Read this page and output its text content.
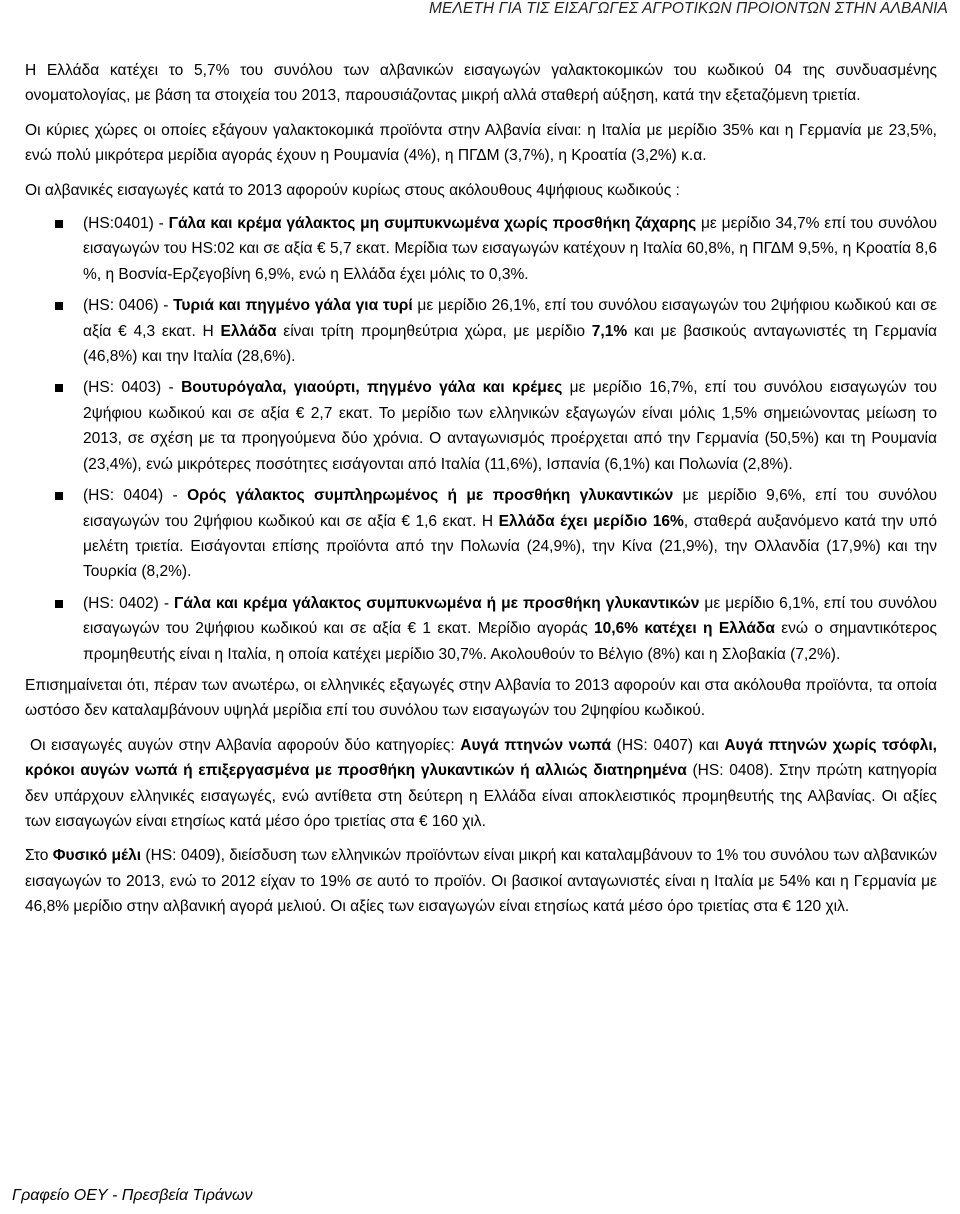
ΜΕΛΕΤΗ ΓΙΑ ΤΙΣ ΕΙΣΑΓΩΓΕΣ ΑΓΡΟΤΙΚΩΝ ΠΡΟΙΟΝΤΩΝ ΣΤΗΝ ΑΛΒΑΝΙΑ

Η Ελλάδα κατέχει το 5,7% του συνόλου των αλβανικών εισαγωγών γαλακτοκομικών του κωδικού 04 της συνδυασμένης ονοματολογίας, με βάση τα στοιχεία του 2013, παρουσιάζοντας μικρή αλλά σταθερή αύξηση, κατά την εξεταζόμενη τριετία.

Οι κύριες χώρες οι οποίες εξάγουν γαλακτοκομικά προϊόντα στην Αλβανία είναι: η Ιταλία με μερίδιο 35% και η Γερμανία με 23,5%, ενώ πολύ μικρότερα μερίδια αγοράς έχουν η Ρουμανία (4%), η ΠΓΔΜ (3,7%), η Κροατία (3,2%) κ.α.

Οι αλβανικές εισαγωγές κατά το 2013 αφορούν κυρίως στους ακόλουθους 4ψήφιους κωδικούς :

(HS:0401) - Γάλα και κρέμα γάλακτος μη συμπυκνωμένα χωρίς προσθήκη ζάχαρης με μερίδιο 34,7% επί του συνόλου εισαγωγών του HS:02 και σε αξία € 5,7 εκατ. Μερίδια των εισαγωγών κατέχουν η Ιταλία 60,8%, η ΠΓΔΜ 9,5%, η Κροατία 8,6 %, η Βοσνία-Ερζεγοβίνη 6,9%, ενώ η Ελλάδα έχει μόλις το 0,3%.
(HS: 0406) - Τυριά και πηγμένο γάλα για τυρί με μερίδιο 26,1%, επί του συνόλου εισαγωγών του 2ψήφιου κωδικού και σε αξία € 4,3 εκατ. Η Ελλάδα είναι τρίτη προμηθεύτρια χώρα, με μερίδιο 7,1% και με βασικούς ανταγωνιστές τη Γερμανία (46,8%) και την Ιταλία (28,6%).
(HS: 0403) - Βουτυρόγαλα, γιαούρτι, πηγμένο γάλα και κρέμες με μερίδιο 16,7%, επί του συνόλου εισαγωγών του 2ψήφιου κωδικού και σε αξία € 2,7 εκατ. Το μερίδιο των ελληνικών εξαγωγών είναι μόλις 1,5% σημειώνοντας μείωση το 2013, σε σχέση με τα προηγούμενα δύο χρόνια. Ο ανταγωνισμός προέρχεται από την Γερμανία (50,5%) και τη Ρουμανία (23,4%), ενώ μικρότερες ποσότητες εισάγονται από Ιταλία (11,6%), Ισπανία (6,1%) και Πολωνία (2,8%).
(HS: 0404) - Ορός γάλακτος συμπληρωμένος ή με προσθήκη γλυκαντικών με μερίδιο 9,6%, επί του συνόλου εισαγωγών του 2ψήφιου κωδικού και σε αξία € 1,6 εκατ. Η Ελλάδα έχει μερίδιο 16%, σταθερά αυξανόμενο κατά την υπό μελέτη τριετία. Εισάγονται επίσης προϊόντα από την Πολωνία (24,9%), την Κίνα (21,9%), την Ολλανδία (17,9%) και την Τουρκία (8,2%).
(HS: 0402) - Γάλα και κρέμα γάλακτος συμπυκνωμένα ή με προσθήκη γλυκαντικών με μερίδιο 6,1%, επί του συνόλου εισαγωγών του 2ψήφιου κωδικού και σε αξία € 1 εκατ. Μερίδιο αγοράς 10,6% κατέχει η Ελλάδα ενώ ο σημαντικότερος προμηθευτής είναι η Ιταλία, η οποία κατέχει μερίδιο 30,7%. Ακολουθούν το Βέλγιο (8%) και η Σλοβακία (7,2%).

Επισημαίνεται ότι, πέραν των ανωτέρω, οι ελληνικές εξαγωγές στην Αλβανία το 2013 αφορούν και στα ακόλουθα προϊόντα, τα οποία ωστόσο δεν καταλαμβάνουν υψηλά μερίδια επί του συνόλου των εισαγωγών του 2ψηφίου κωδικού.

Οι εισαγωγές αυγών στην Αλβανία αφορούν δύο κατηγορίες: Αυγά πτηνών νωπά (HS: 0407) και Αυγά πτηνών χωρίς τσόφλι, κρόκοι αυγών νωπά ή επιξεργασμένα με προσθήκη γλυκαντικών ή αλλιώς διατηρημένα (HS: 0408). Στην πρώτη κατηγορία δεν υπάρχουν ελληνικές εισαγωγές, ενώ αντίθετα στη δεύτερη η Ελλάδα είναι αποκλειστικός προμηθευτής της Αλβανίας. Οι αξίες των εισαγωγών είναι ετησίως κατά μέσο όρο τριετίας στα € 160 χιλ.

Στο Φυσικό μέλι (HS: 0409), διείσδυση των ελληνικών προϊόντων είναι μικρή και καταλαμβάνουν το 1% του συνόλου των αλβανικών εισαγωγών το 2013, ενώ το 2012 είχαν το 19% σε αυτό το προϊόν. Οι βασικοί ανταγωνιστές είναι η Ιταλία με 54% και η Γερμανία με 46,8% μερίδιο στην αλβανική αγορά μελιού. Οι αξίες των εισαγωγών είναι ετησίως κατά μέσο όρο τριετίας στα € 120 χιλ.

Γραφείο ΟΕΥ - Πρεσβεία Τιράνων
